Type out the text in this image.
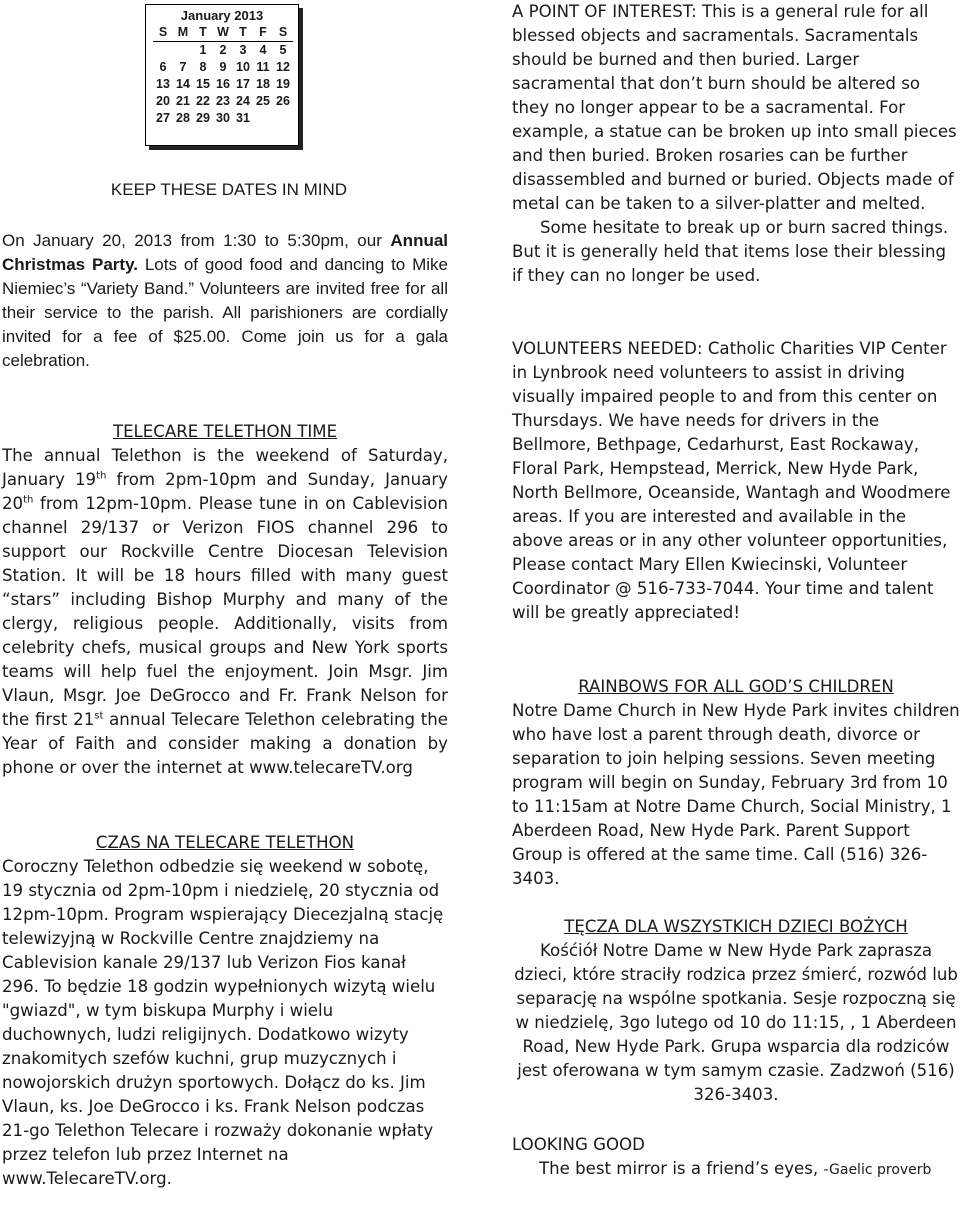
January 2013
S	M	T	W	T	F	S
		1	2	3	4	5
6	7	8	9	10	11	12
13	14	15	16	17	18	19
20	21	22	23	24	25	26
27	28	29	30	31		
KEEP THESE DATES IN MIND

On January 20, 2013 from 1:30 to 5:30pm, our Annual Christmas Party. Lots of good food and dancing to Mike Niemiec’s “Variety Band.” Volunteers are invited free for all their service to the parish. All parishioners are cordially invited for a fee of $25.00. Come join us for a gala celebration.

TELECARE TELETHON TIME

The annual Telethon is the weekend of Saturday, January 19th from 2pm-10pm and Sunday, January 20th from 12pm-10pm. Please tune in on Cablevision channel 29/137 or Verizon FIOS channel 296 to support our Rockville Centre Diocesan Television Station. It will be 18 hours filled with many guest “stars” including Bishop Murphy and many of the clergy, religious people. Additionally, visits from celebrity chefs, musical groups and New York sports teams will help fuel the enjoyment. Join Msgr. Jim Vlaun, Msgr. Joe DeGrocco and Fr. Frank Nelson for the first 21st annual Telecare Telethon celebrating the Year of Faith and consider making a donation by phone or over the internet at www.telecareTV.org

CZAS NA TELECARE TELETHON

Coroczny Telethon odbedzie się weekend w sobotę, 19 stycznia od 2pm-10pm i niedzielę, 20 stycznia od 12pm-10pm. Program wspierający Diecezjalną stację telewizyjną w Rockville Centre znajdziemy na Cablevision kanale 29/137 lub Verizon Fios kanał 296. To będzie 18 godzin wypełnionych wizytą wielu "gwiazd", w tym biskupa Murphy i wielu duchownych, ludzi religijnych. Dodatkowo wizyty znakomitych szefów kuchni, grup muzycznych i nowojorskich drużyn sportowych. Dołącz do ks. Jim Vlaun, ks. Joe DeGrocco i ks. Frank Nelson podczas 21-go Telethon Telecare i rozważy dokonanie wpłaty przez telefon lub przez Internet na www.TelecareTV.org.

A POINT OF INTEREST: This is a general rule for all blessed objects and sacramentals. Sacramentals should be burned and then buried. Larger sacramental that don’t burn should be altered so they no longer appear to be a sacramental. For example, a statue can be broken up into small pieces and then buried. Broken rosaries can be further disassembled and burned or buried. Objects made of metal can be taken to a silver-platter and melted.
Some hesitate to break up or burn sacred things. But it is generally held that items lose their blessing if they can no longer be used.

VOLUNTEERS NEEDED: Catholic Charities VIP Center in Lynbrook need volunteers to assist in driving visually impaired people to and from this center on Thursdays. We have needs for drivers in the Bellmore, Bethpage, Cedarhurst, East Rockaway, Floral Park, Hempstead, Merrick, New Hyde Park, North Bellmore, Oceanside, Wantagh and Woodmere areas. If you are interested and available in the above areas or in any other volunteer opportunities, Please contact Mary Ellen Kwiecinski, Volunteer Coordinator @ 516-733-7044. Your time and talent will be greatly appreciated!

RAINBOWS FOR ALL GOD’S CHILDREN

Notre Dame Church in New Hyde Park invites children who have lost a parent through death, divorce or separation to join helping sessions. Seven meeting program will begin on Sunday, February 3rd from 10 to 11:15am at Notre Dame Church, Social Ministry, 1 Aberdeen Road, New Hyde Park. Parent Support Group is offered at the same time. Call (516) 326-3403.

TĘCZA DLA WSZYSTKICH DZIECI BOŻYCH

Kośćiół Notre Dame w New Hyde Park zaprasza dzieci, które straciły rodzica przez śmierć, rozwód lub separację na wspólne spotkania. Sesje rozpoczną się w niedzielę, 3go lutego od 10 do 11:15, , 1 Aberdeen Road, New Hyde Park. Grupa wsparcia dla rodziców jest oferowana w tym samym czasie. Zadzwoń (516) 326-3403.

LOOKING GOOD

The best mirror is a friend’s eyes, -Gaelic proverb
